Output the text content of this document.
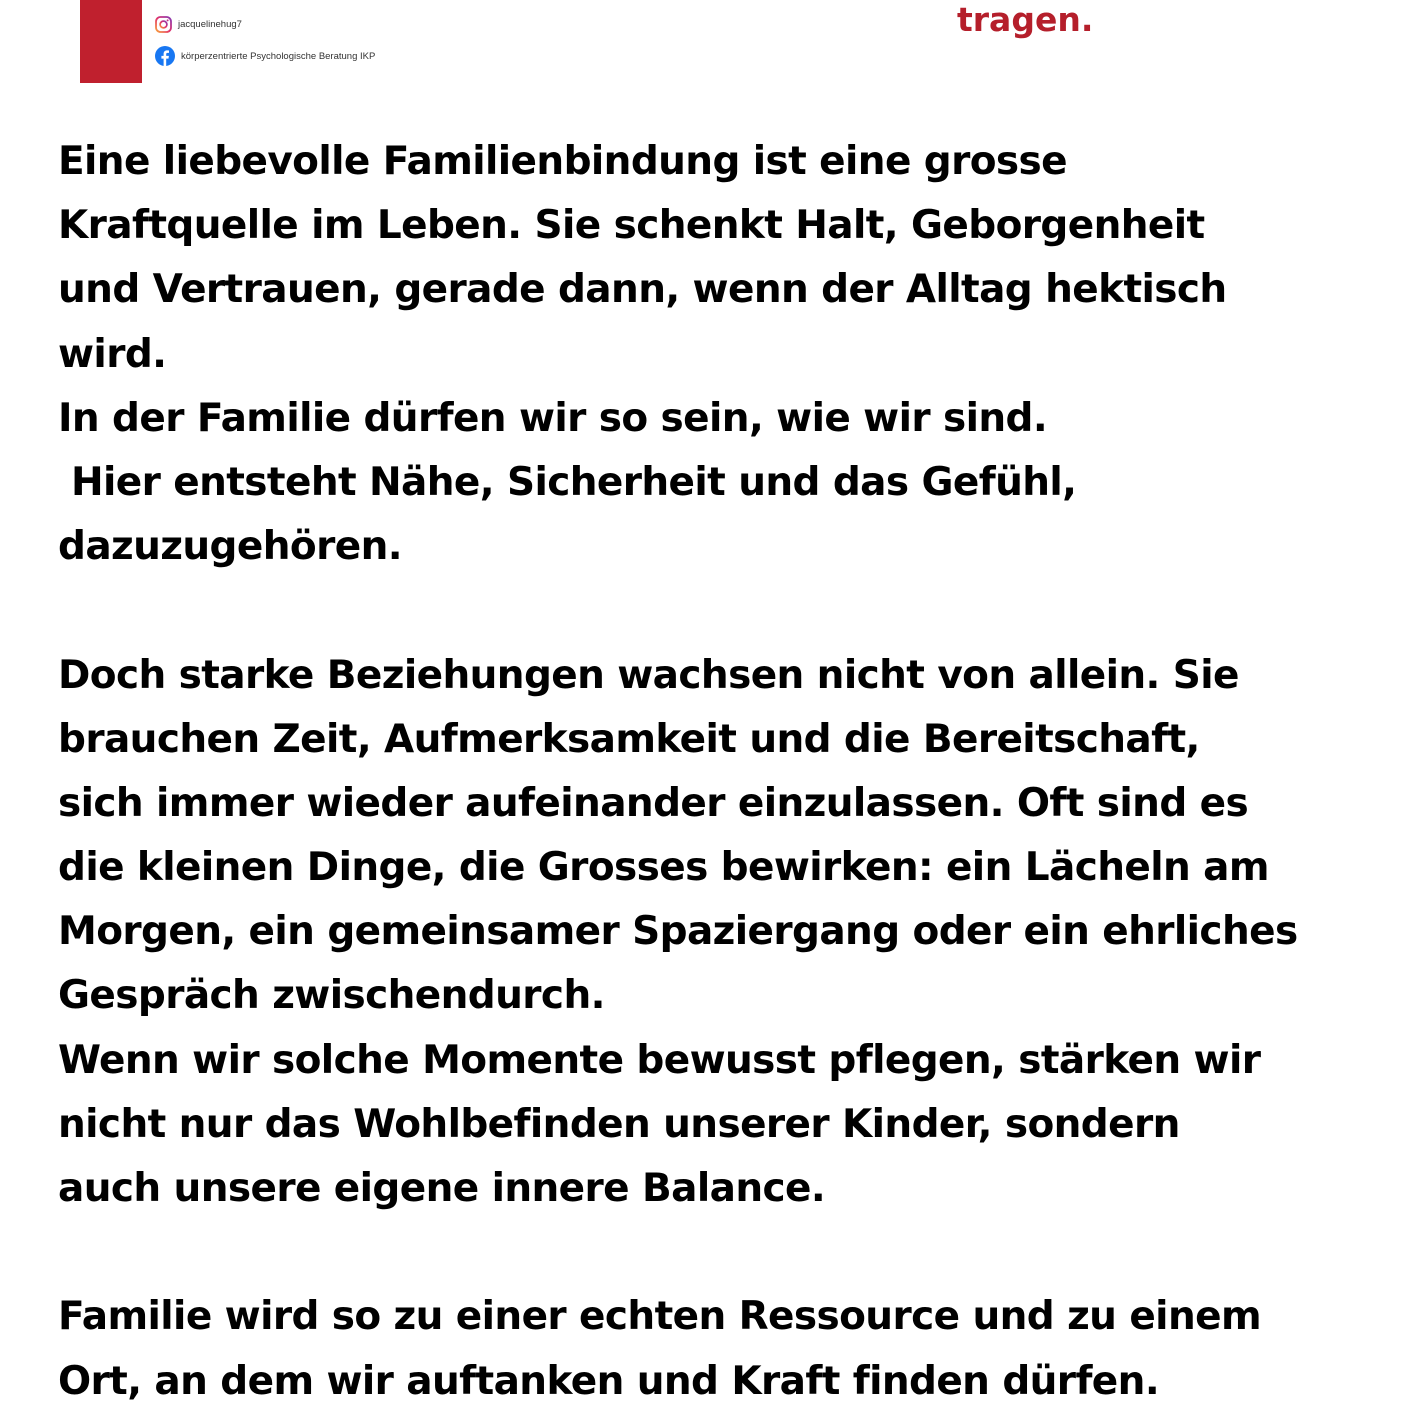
jacquelinehug7
körperzentrierte Psychologische Beratung IKP
tragen.
Eine liebevolle Familienbindung ist eine grosse
Kraftquelle im Leben. Sie schenkt Halt, Geborgenheit
und Vertrauen, gerade dann, wenn der Alltag hektisch
wird.
In der Familie dürfen wir so sein, wie wir sind.
Hier entsteht Nähe, Sicherheit und das Gefühl,
dazuzugehören.
Doch starke Beziehungen wachsen nicht von allein. Sie
brauchen Zeit, Aufmerksamkeit und die Bereitschaft,
sich immer wieder aufeinander einzulassen. Oft sind es
die kleinen Dinge, die Grosses bewirken: ein Lächeln am
Morgen, ein gemeinsamer Spaziergang oder ein ehrliches
Gespräch zwischendurch.
Wenn wir solche Momente bewusst pflegen, stärken wir
nicht nur das Wohlbefinden unserer Kinder, sondern
auch unsere eigene innere Balance.
Familie wird so zu einer echten Ressource und zu einem
Ort, an dem wir auftanken und Kraft finden dürfen.
